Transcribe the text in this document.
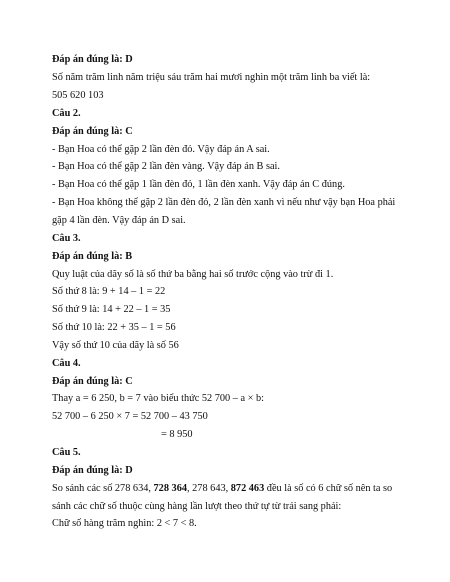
Đáp án đúng là: D
Số năm trăm linh năm triệu sáu trăm hai mươi nghìn một trăm linh ba viết là:
505 620 103
Câu 2.
Đáp án đúng là: C
- Bạn Hoa có thể gặp 2 lần đèn đỏ. Vậy đáp án A sai.
- Bạn Hoa có thể gặp 2 lần đèn vàng. Vậy đáp án B sai.
- Bạn Hoa có thể gặp 1 lần đèn đỏ, 1 lần đèn xanh. Vậy đáp án C đúng.
- Bạn Hoa không thể gặp 2 lần đèn đỏ, 2 lần đèn xanh vì nếu như vậy bạn Hoa phải
gặp 4 lần đèn. Vậy đáp án D sai.
Câu 3.
Đáp án đúng là: B
Quy luật của dãy số là số thứ ba bằng hai số trước cộng vào trừ đi 1.
Số thứ 8 là: 9 + 14 – 1 = 22
Số thứ 9 là: 14 + 22 – 1 = 35
Số thứ 10 là: 22 + 35 – 1 = 56
Vậy số thứ 10 của dãy là số 56
Câu 4.
Đáp án đúng là: C
Thay a = 6 250, b = 7 vào biểu thức 52 700 – a × b:
52 700 – 6 250 × 7 = 52 700 – 43 750
= 8 950
Câu 5.
Đáp án đúng là: D
So sánh các số 278 634, 728 364, 278 643, 872 463 đều là số có 6 chữ số nên ta so
sánh các chữ số thuộc cùng hàng lần lượt theo thứ tự từ trái sang phải:
Chữ số hàng trăm nghìn: 2 < 7 < 8.
